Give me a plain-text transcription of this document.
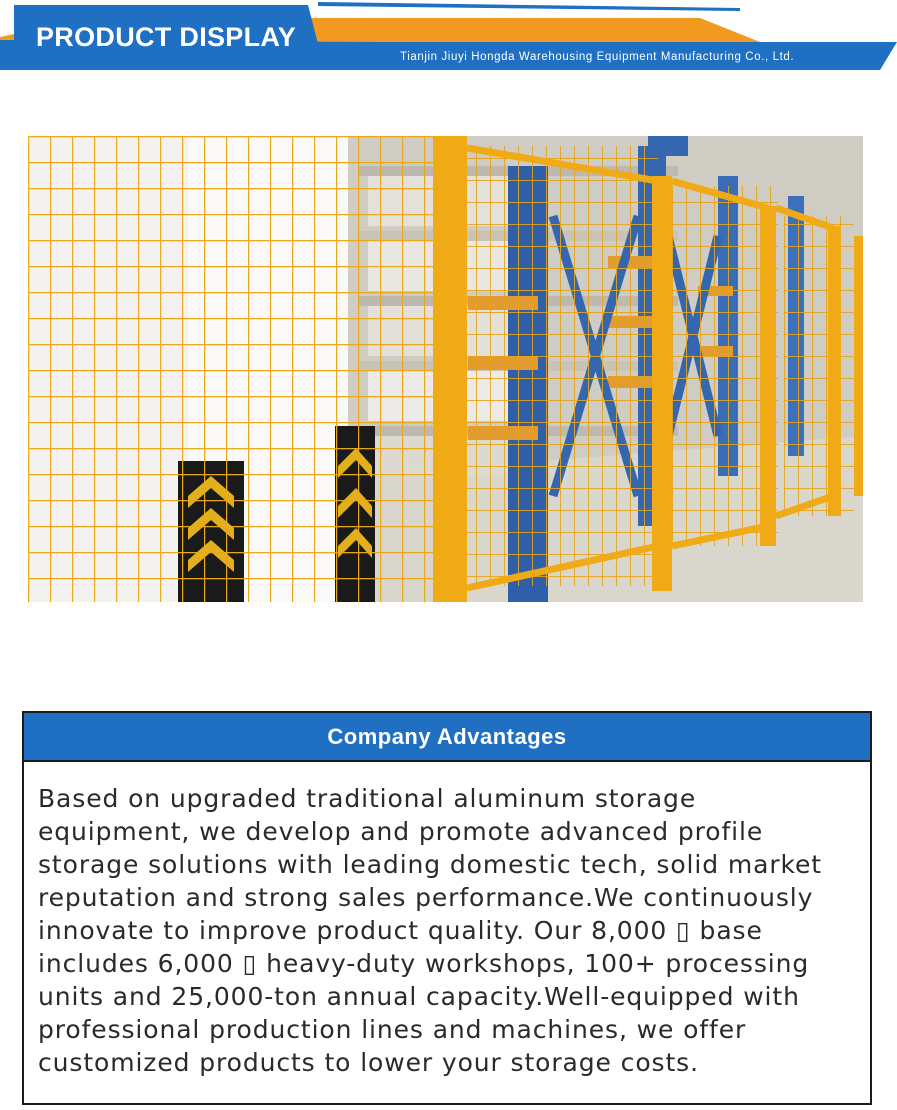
PRODUCT DISPLAY
Tianjin Jiuyi Hongda Warehousing Equipment Manufacturing Co., Ltd.
Company Advantages
Based on upgraded traditional aluminum storage equipment, we develop and promote advanced profile storage solutions with leading domestic tech, solid market reputation and strong sales performance.We continuously innovate to improve product quality. Our 8,000 ▯ base includes 6,000 ▯ heavy-duty workshops, 100+ processing units and 25,000-ton annual capacity.Well-equipped with professional production lines and machines, we offer customized products to lower your storage costs.
